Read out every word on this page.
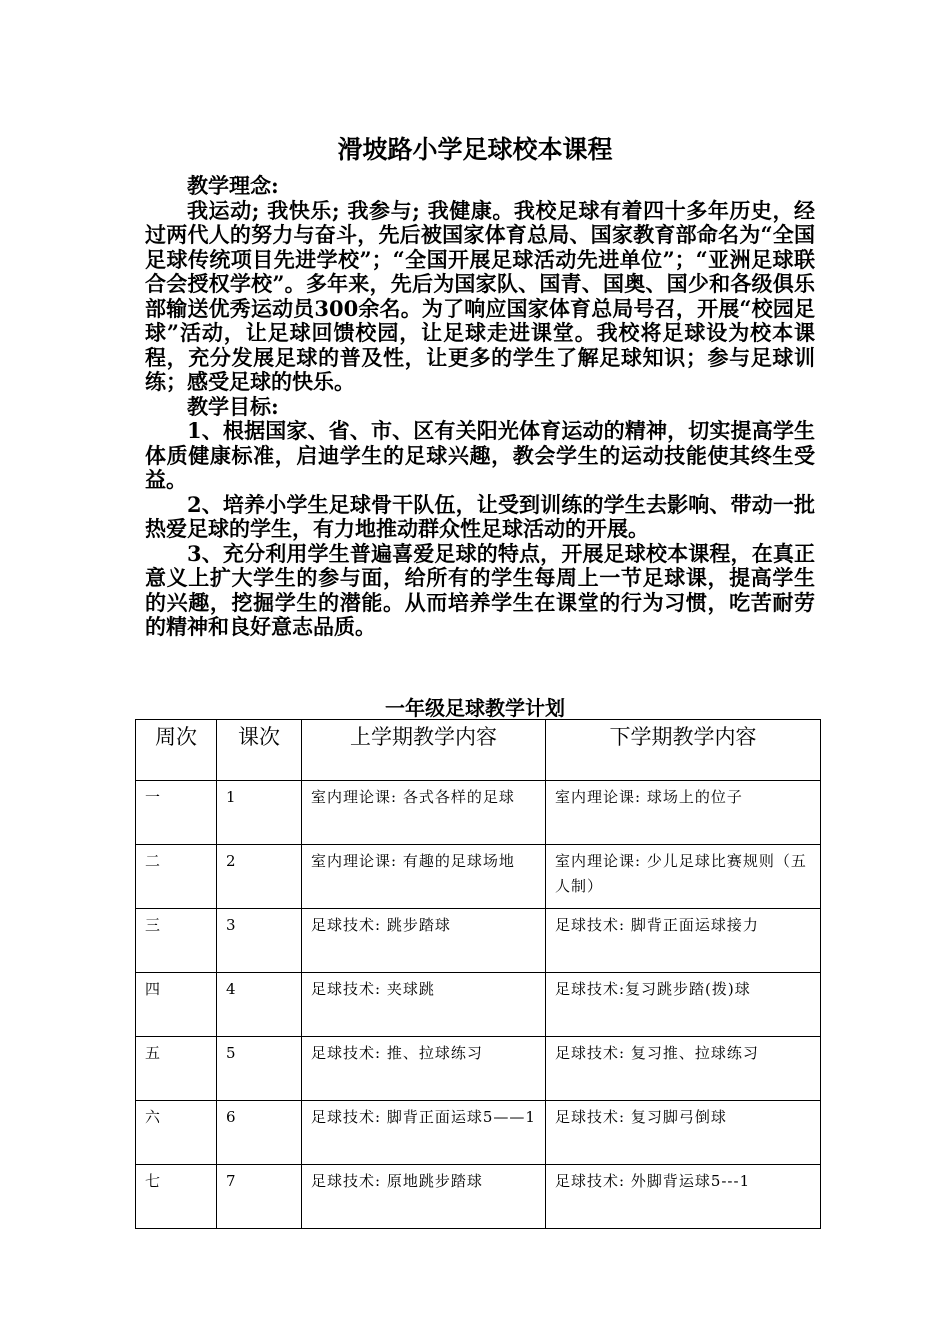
滑坡路小学足球校本课程

教学理念:

我运动; 我快乐; 我参与; 我健康。我校足球有着四十多年历史，经过两代人的努力与奋斗，先后被国家体育总局、国家教育部命名为“全国足球传统项目先进学校”；“全国开展足球活动先进单位”；“亚洲足球联合会授权学校”。多年来，先后为国家队、国青、国奥、国少和各级俱乐部输送优秀运动员300余名。为了响应国家体育总局号召，开展“校园足球”活动，让足球回馈校园，让足球走进课堂。我校将足球设为校本课程，充分发展足球的普及性，让更多的学生了解足球知识；参与足球训练；感受足球的快乐。

教学目标:

1、根据国家、省、市、区有关阳光体育运动的精神，切实提高学生体质健康标准，启迪学生的足球兴趣，教会学生的运动技能使其终生受益。

2、培养小学生足球骨干队伍，让受到训练的学生去影响、带动一批热爱足球的学生，有力地推动群众性足球活动的开展。

3、充分利用学生普遍喜爱足球的特点，开展足球校本课程，在真正意义上扩大学生的参与面，给所有的学生每周上一节足球课，提高学生的兴趣，挖掘学生的潜能。从而培养学生在课堂的行为习惯，吃苦耐劳的精神和良好意志品质。

一年级足球教学计划
周次	课次	上学期教学内容	下学期教学内容
一	1	室内理论课: 各式各样的足球	室内理论课: 球场上的位子
二	2	室内理论课: 有趣的足球场地	室内理论课: 少儿足球比赛规则（五人制）
三	3	足球技术: 跳步踏球	足球技术: 脚背正面运球接力
四	4	足球技术: 夹球跳	足球技术:复习跳步踏(拨)球
五	5	足球技术: 推、拉球练习	足球技术: 复习推、拉球练习
六	6	足球技术: 脚背正面运球5——1	足球技术: 复习脚弓倒球
七	7	足球技术: 原地跳步踏球	足球技术: 外脚背运球5---1
